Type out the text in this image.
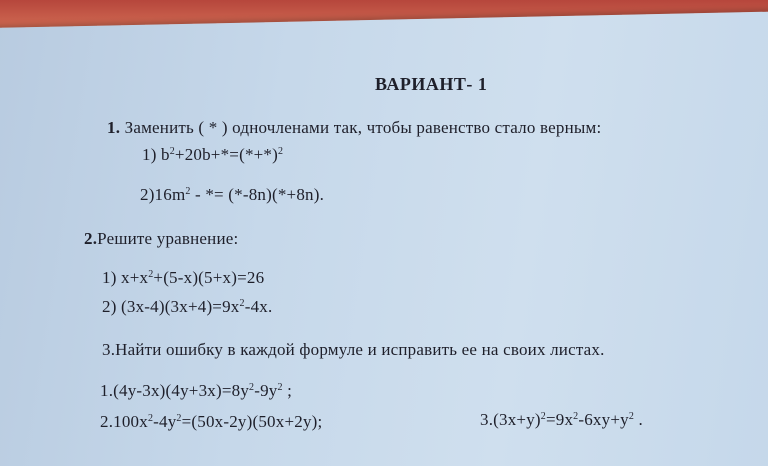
ВАРИАНТ- 1
1. Заменить ( * ) одночленами так, чтобы равенство стало верным:
1) $b^2+20b+*=(*+*)^2$
$2)16m^2$ - *= (*-8n)(*+8n).
2.Решите уравнение:
1) $x+x^2+(5-x)(5+x)=26$
2) $(3x-4)(3x+4)=9x^2-4x$.
3.Найти ошибку в каждой формуле и исправить ее на своих листах.
$1.(4y-3x)(4y+3x)=8y^2-9y^2$ ;
$2.100x^2-4y^2=(50x-2y)(50x+2y)$;	$3.(3x+y)^2=9x^2-6xy+y^2$ .
